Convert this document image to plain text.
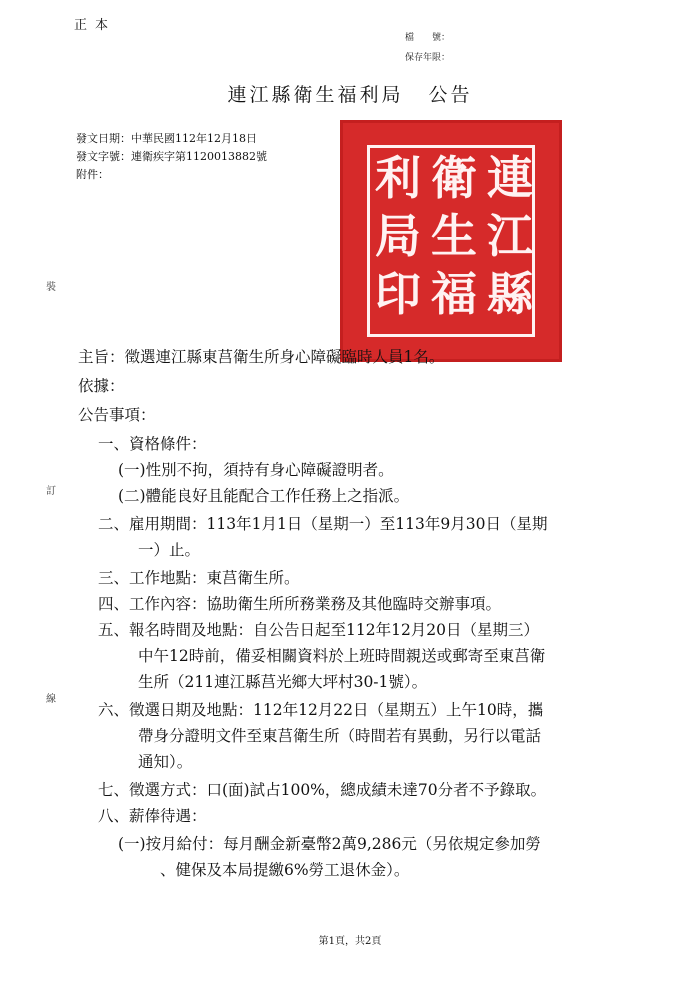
正本
檔　　號：
保存年限：
連江縣衛生福利局 公告
發文日期：中華民國112年12月18日
發文字號：連衛疾字第1120013882號
附件：	連
江
縣
衛
生
福
利
局
印
裝
訂
線
主旨：徵選連江縣東莒衛生所身心障礙臨時人員1名。
依據：
公告事項：
一、資格條件：
(一)性別不拘，須持有身心障礙證明者。
(二)體能良好且能配合工作任務上之指派。
二、雇用期間：113年1月1日（星期一）至113年9月30日（星期
一）止。
三、工作地點：東莒衛生所。
四、工作內容：協助衛生所所務業務及其他臨時交辦事項。
五、報名時間及地點：自公告日起至112年12月20日（星期三）
中午12時前，備妥相關資料於上班時間親送或郵寄至東莒衛
生所（211連江縣莒光鄉大坪村30-1號）。
六、徵選日期及地點：112年12月22日（星期五）上午10時，攜
帶身分證明文件至東莒衛生所（時間若有異動，另行以電話
通知）。
七、徵選方式：口(面)試占100%，總成績未達70分者不予錄取。
八、薪俸待遇：
(一)按月給付：每月酬金新臺幣2萬9,286元（另依規定參加勞
、健保及本局提繳6%勞工退休金）。
第1頁，共2頁
